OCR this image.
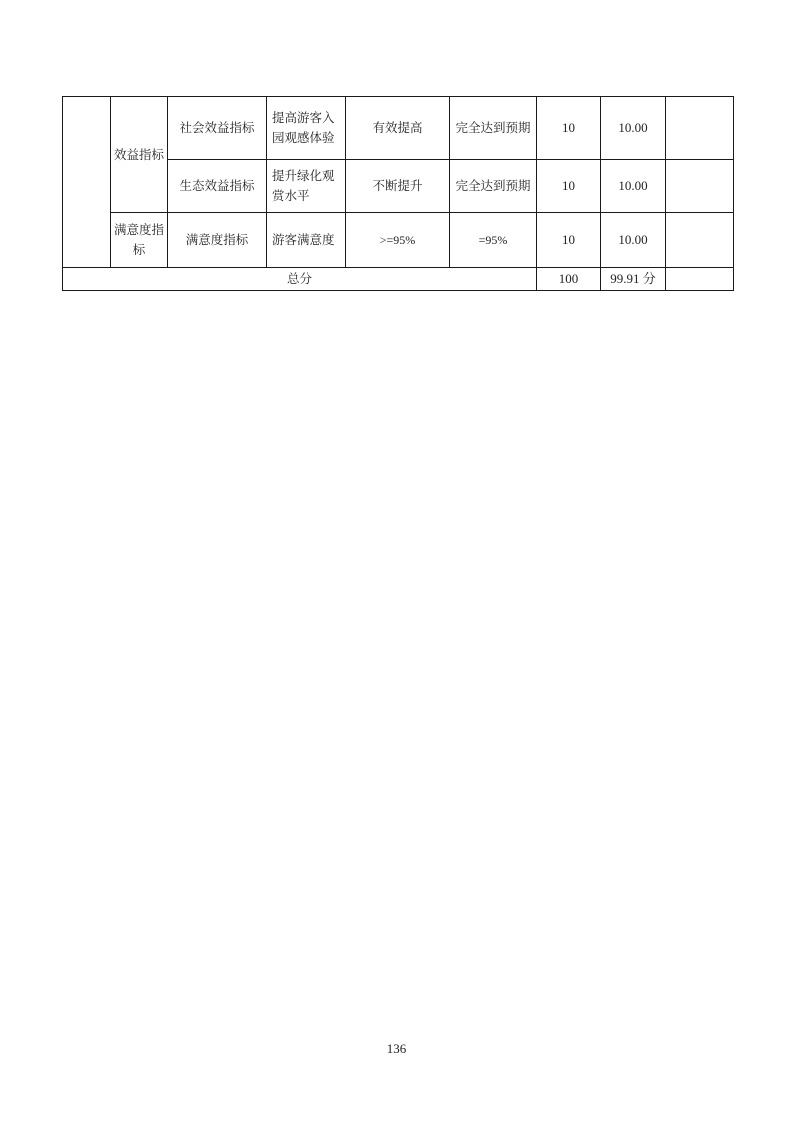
	效益指标	社会效益指标	提高游客入园观感体验	有效提高	完全达到预期	10	10.00	
		生态效益指标	提升绿化观赏水平	不断提升	完全达到预期	10	10.00	
	满意度指标	满意度指标	游客满意度	>=95%	=95%	10	10.00	
总分						100	99.91 分	
136
